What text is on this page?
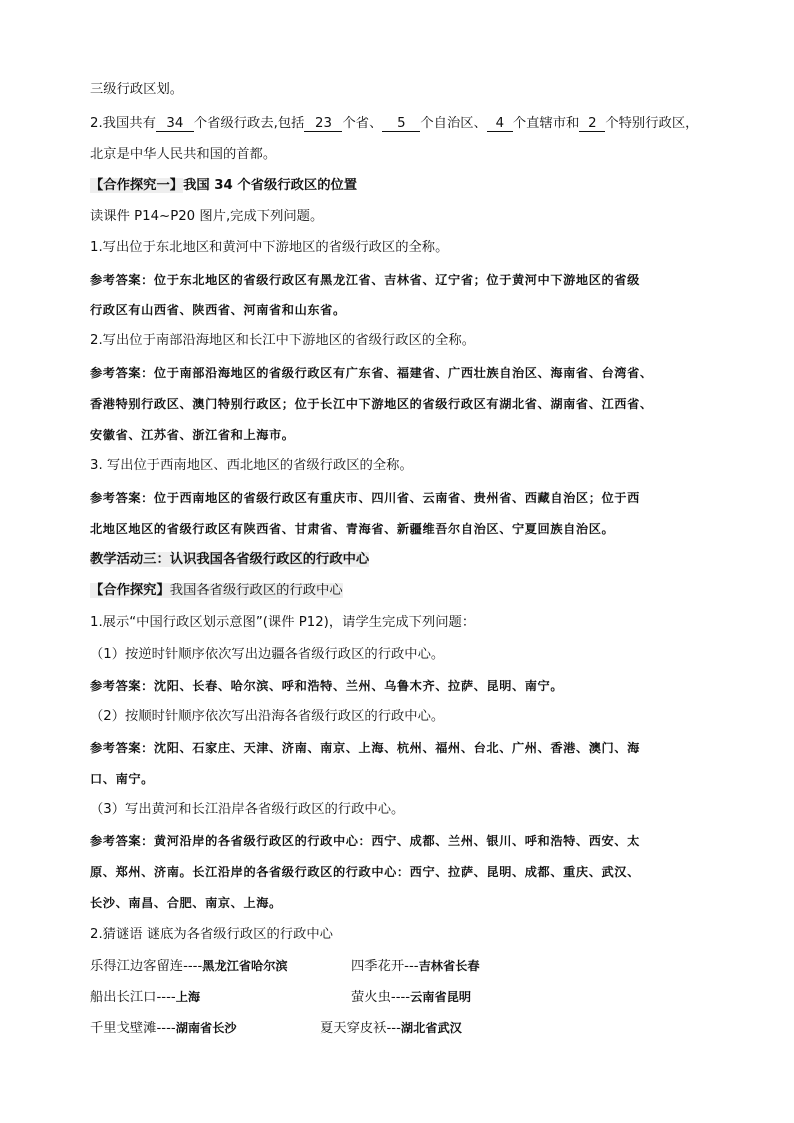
三级行政区划。
2.我国共有 34 个省级行政去,包括 23 个省、 5 个自治区、 4 个直辖市和 2 个特别行政区，
北京是中华人民共和国的首都。
【合作探究一】我国 34 个省级行政区的位置
读课件 P14~P20 图片,完成下列问题。
1.写出位于东北地区和黄河中下游地区的省级行政区的全称。
参考答案：位于东北地区的省级行政区有黑龙江省、吉林省、辽宁省；位于黄河中下游地区的省级
行政区有山西省、陕西省、河南省和山东省。
2.写出位于南部沿海地区和长江中下游地区的省级行政区的全称。
参考答案：位于南部沿海地区的省级行政区有广东省、福建省、广西壮族自治区、海南省、台湾省、
香港特别行政区、澳门特别行政区；位于长江中下游地区的省级行政区有湖北省、湖南省、江西省、
安徽省、江苏省、浙江省和上海市。
3. 写出位于西南地区、西北地区的省级行政区的全称。
参考答案：位于西南地区的省级行政区有重庆市、四川省、云南省、贵州省、西藏自治区；位于西
北地区地区的省级行政区有陕西省、甘肃省、青海省、新疆维吾尔自治区、宁夏回族自治区。
教学活动三：认识我国各省级行政区的行政中心
【合作探究】我国各省级行政区的行政中心
1.展示“中国行政区划示意图”(课件 P12)，请学生完成下列问题：
（1）按逆时针顺序依次写出边疆各省级行政区的行政中心。
参考答案：沈阳、长春、哈尔滨、呼和浩特、兰州、乌鲁木齐、拉萨、昆明、南宁。
（2）按顺时针顺序依次写出沿海各省级行政区的行政中心。
参考答案：沈阳、石家庄、天津、济南、南京、上海、杭州、福州、台北、广州、香港、澳门、海
口、南宁。
（3）写出黄河和长江沿岸各省级行政区的行政中心。
参考答案：黄河沿岸的各省级行政区的行政中心：西宁、成都、兰州、银川、呼和浩特、西安、太
原、郑州、济南。长江沿岸的各省级行政区的行政中心：西宁、拉萨、昆明、成都、重庆、武汉、
长沙、南昌、合肥、南京、上海。
2.猜谜语 谜底为各省级行政区的行政中心
乐得江边客留连----黑龙江省哈尔滨	四季花开---吉林省长春
船出长江口----上海	萤火虫----云南省昆明
千里戈壁滩----湖南省长沙	夏天穿皮袄---湖北省武汉
